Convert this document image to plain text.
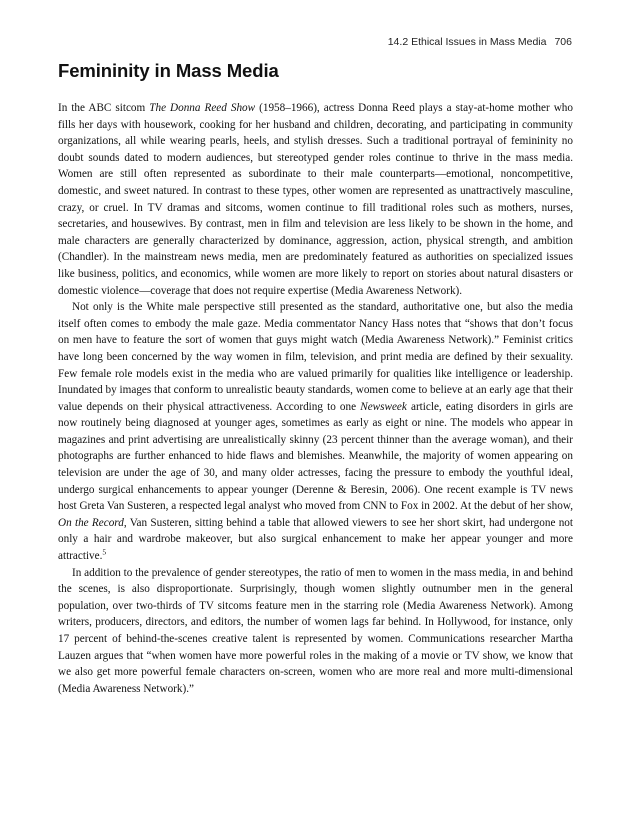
14.2 Ethical Issues in Mass Media 706
Femininity in Mass Media

In the ABC sitcom The Donna Reed Show (1958–1966), actress Donna Reed plays a stay-at-home mother who fills her days with housework, cooking for her husband and children, decorating, and participating in community organizations, all while wearing pearls, heels, and stylish dresses. Such a traditional portrayal of femininity no doubt sounds dated to modern audiences, but stereotyped gender roles continue to thrive in the mass media. Women are still often represented as subordinate to their male counterparts—emotional, noncompetitive, domestic, and sweet natured. In contrast to these types, other women are represented as unattractively masculine, crazy, or cruel. In TV dramas and sitcoms, women continue to fill traditional roles such as mothers, nurses, secretaries, and housewives. By contrast, men in film and television are less likely to be shown in the home, and male characters are generally characterized by dominance, aggression, action, physical strength, and ambition (Chandler). In the mainstream news media, men are predominately featured as authorities on specialized issues like business, politics, and economics, while women are more likely to report on stories about natural disasters or domestic violence—coverage that does not require expertise (Media Awareness Network).

Not only is the White male perspective still presented as the standard, authoritative one, but also the media itself often comes to embody the male gaze. Media commentator Nancy Hass notes that “shows that don’t focus on men have to feature the sort of women that guys might watch (Media Awareness Network).” Feminist critics have long been concerned by the way women in film, television, and print media are defined by their sexuality. Few female role models exist in the media who are valued primarily for qualities like intelligence or leadership. Inundated by images that conform to unrealistic beauty standards, women come to believe at an early age that their value depends on their physical attractiveness. According to one Newsweek article, eating disorders in girls are now routinely being diagnosed at younger ages, sometimes as early as eight or nine. The models who appear in magazines and print advertising are unrealistically skinny (23 percent thinner than the average woman), and their photographs are further enhanced to hide flaws and blemishes. Meanwhile, the majority of women appearing on television are under the age of 30, and many older actresses, facing the pressure to embody the youthful ideal, undergo surgical enhancements to appear younger (Derenne & Beresin, 2006). One recent example is TV news host Greta Van Susteren, a respected legal analyst who moved from CNN to Fox in 2002. At the debut of her show, On the Record, Van Susteren, sitting behind a table that allowed viewers to see her short skirt, had undergone not only a hair and wardrobe makeover, but also surgical enhancement to make her appear younger and more attractive.$^5$

In addition to the prevalence of gender stereotypes, the ratio of men to women in the mass media, in and behind the scenes, is also disproportionate. Surprisingly, though women slightly outnumber men in the general population, over two-thirds of TV sitcoms feature men in the starring role (Media Awareness Network). Among writers, producers, directors, and editors, the number of women lags far behind. In Hollywood, for instance, only 17 percent of behind-the-scenes creative talent is represented by women. Communications researcher Martha Lauzen argues that “when women have more powerful roles in the making of a movie or TV show, we know that we also get more powerful female characters on-screen, women who are more real and more multi-dimensional (Media Awareness Network).”
